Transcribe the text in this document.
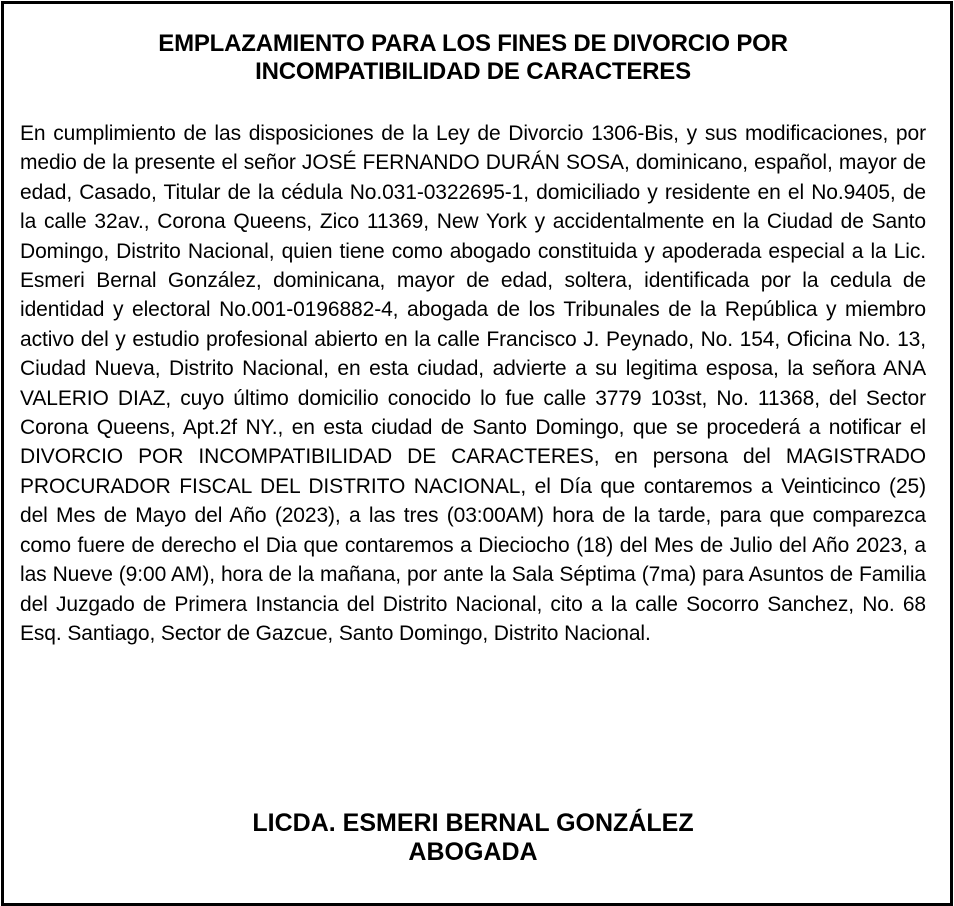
EMPLAZAMIENTO PARA LOS FINES DE DIVORCIO POR
INCOMPATIBILIDAD DE CARACTERES

En cumplimiento de las disposiciones de la Ley de Divorcio 1306-Bis, y sus modificaciones, por medio de la presente el señor JOSÉ FERNANDO DURÁN SOSA, dominicano, español, mayor de edad, Casado, Titular de la cédula No.031-0322695-1, domiciliado y residente en el No.9405, de la calle 32av., Corona Queens, Zico 11369, New York y accidentalmente en la Ciudad de Santo Domingo, Distrito Nacional, quien tiene como abogado constituida y apoderada especial a la Lic. Esmeri Bernal González, dominicana, mayor de edad, soltera, identificada por la cedula de identidad y electoral No.001-0196882-4, abogada de los Tribunales de la República y miembro activo del y estudio profesional abierto en la calle Francisco J. Peynado, No. 154, Oficina No. 13, Ciudad Nueva, Distrito Nacional, en esta ciudad, advierte a su legitima esposa, la señora ANA VALERIO DIAZ, cuyo último domicilio conocido lo fue calle 3779 103st, No. 11368, del Sector Corona Queens, Apt.2f NY., en esta ciudad de Santo Domingo, que se procederá a notificar el DIVORCIO POR INCOMPATIBILIDAD DE CARACTERES, en persona del MAGISTRADO PROCURADOR FISCAL DEL DISTRITO NACIONAL, el Día que contaremos a Veinticinco (25) del Mes de Mayo del Año (2023), a las tres (03:00AM) hora de la tarde, para que comparezca como fuere de derecho el Dia que contaremos a Dieciocho (18) del Mes de Julio del Año 2023, a las Nueve (9:00 AM), hora de la mañana, por ante la Sala Séptima (7ma) para Asuntos de Familia del Juzgado de Primera Instancia del Distrito Nacional, cito a la calle Socorro Sanchez, No. 68 Esq. Santiago, Sector de Gazcue, Santo Domingo, Distrito Nacional.

LICDA. ESMERI BERNAL GONZÁLEZ
ABOGADA
